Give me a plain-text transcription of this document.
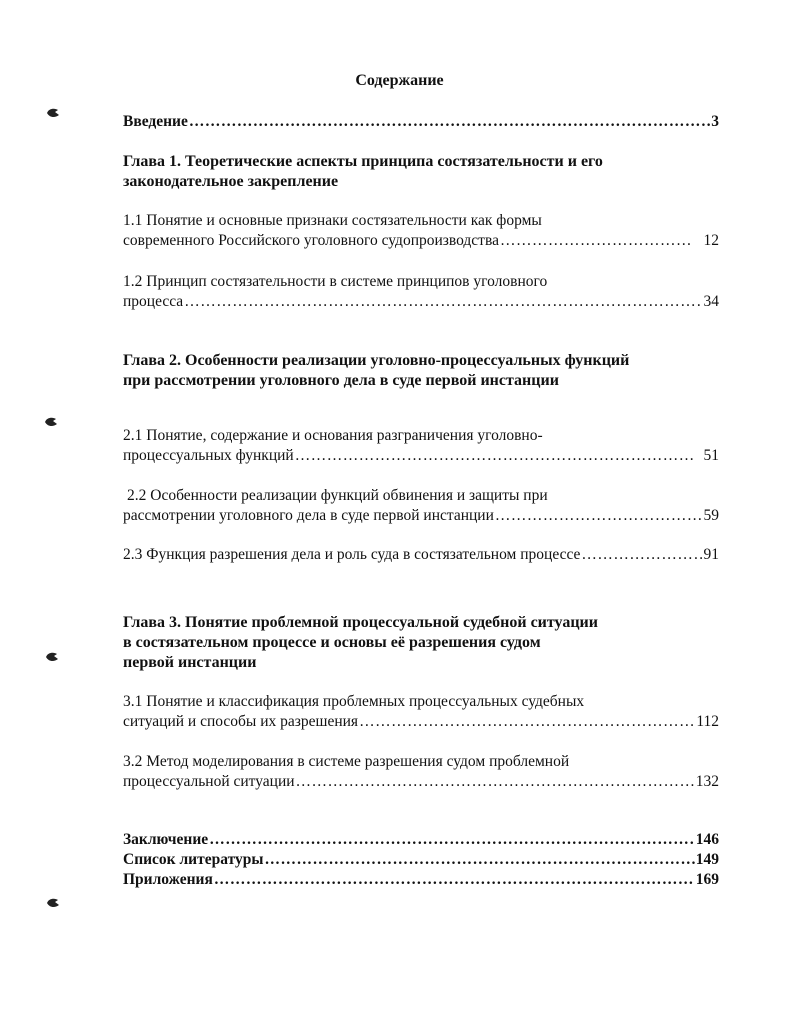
Содержание
Введение ……………………………………………………………………………………………………………………………………………………………	3
Глава 1. Теоретические аспекты принципа состязательности и его
законодательное закрепление
1.1 Понятие и основные признаки состязательности как формы
современного Российского уголовного судопроизводства ……………………………………………………………………………………………………………………………………………………………	12
1.2 Принцип состязательности в системе принципов уголовного
процесса ……………………………………………………………………………………………………………………………………………………………	34
Глава 2. Особенности реализации уголовно-процессуальных функций
при рассмотрении уголовного дела в суде первой инстанции
2.1 Понятие, содержание и основания разграничения уголовно-
процессуальных функций ……………………………………………………………………………………………………………………………………………………………	51
2.2 Особенности реализации функций обвинения и защиты при
рассмотрении уголовного дела в суде первой инстанции ……………………………………………………………………………………………………………………………………………………………	59
2.3 Функция разрешения дела и роль суда в состязательном процессе ……………………………………………………………………………………………………………………………………………………………	91
Глава 3. Понятие проблемной процессуальной судебной ситуации
в состязательном процессе и основы её разрешения судом
первой инстанции
3.1 Понятие и классификация проблемных процессуальных судебных
ситуаций и способы их разрешения ……………………………………………………………………………………………………………………………………………………………	112
3.2 Метод моделирования в системе разрешения судом проблемной
процессуальной ситуации ……………………………………………………………………………………………………………………………………………………………	132
Заключение ……………………………………………………………………………………………………………………………………………………………	146
Список литературы ……………………………………………………………………………………………………………………………………………………………	149
Приложения ……………………………………………………………………………………………………………………………………………………………	169
